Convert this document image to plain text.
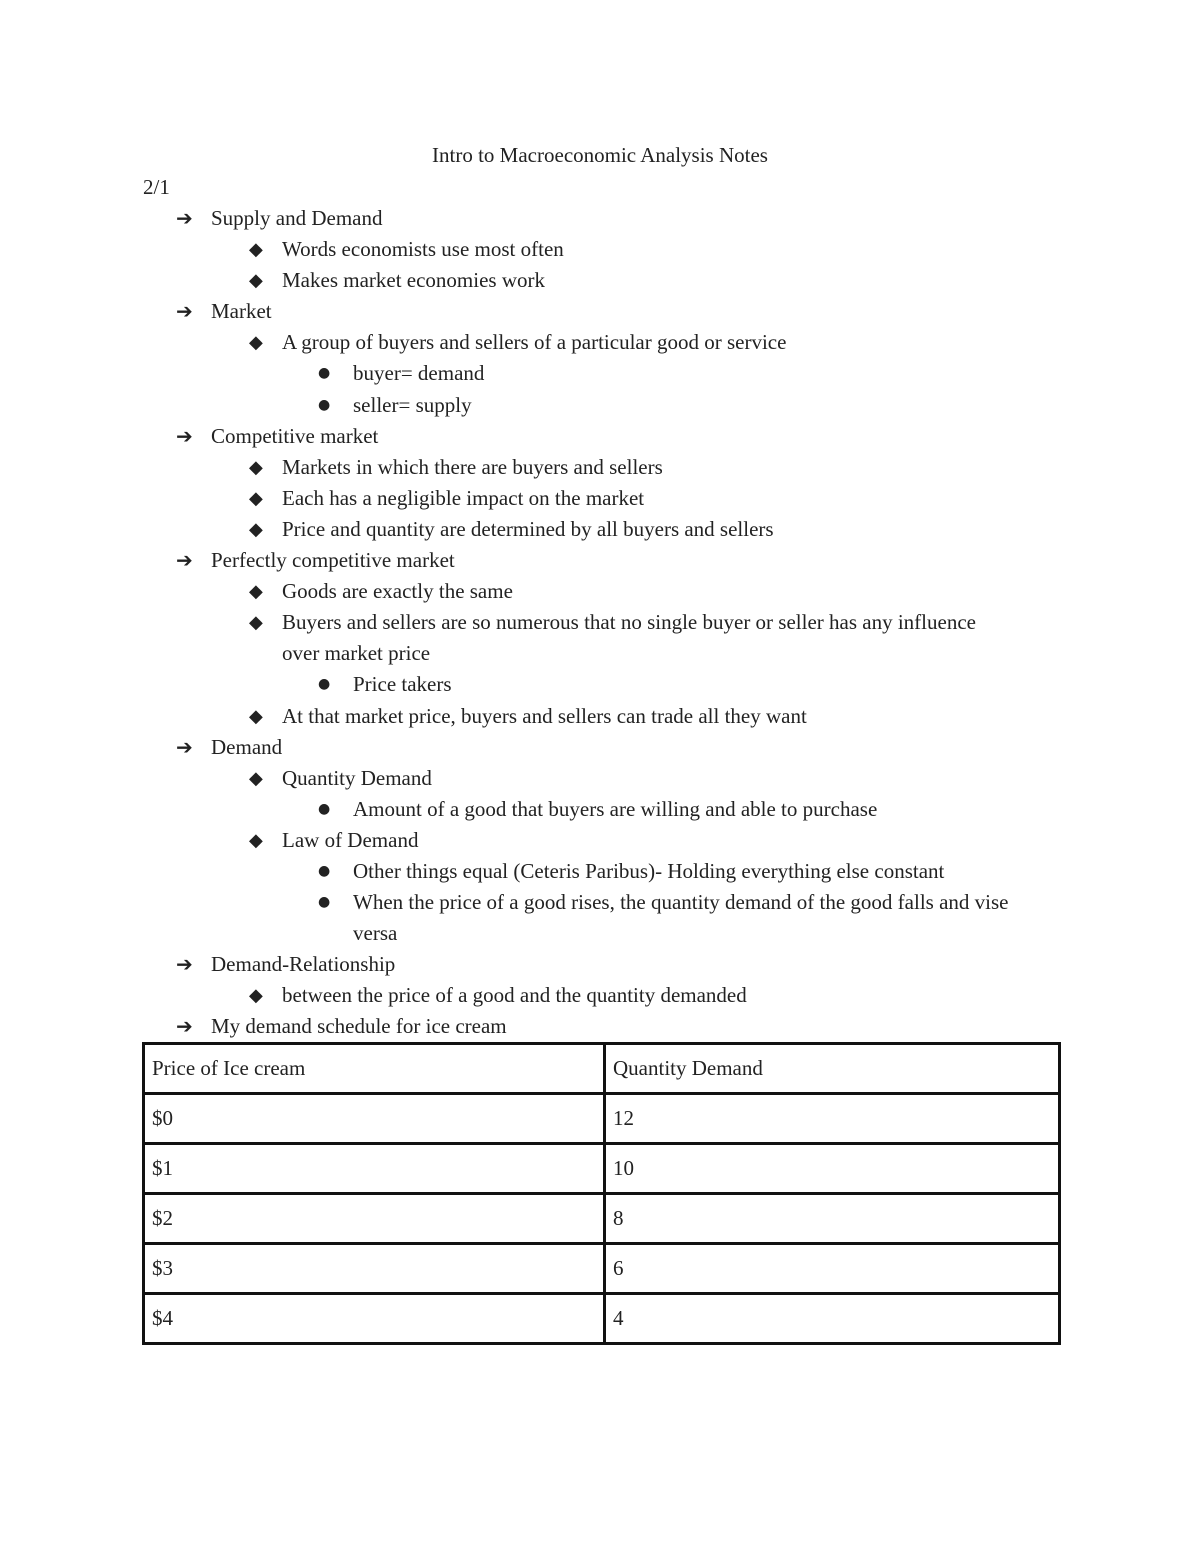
Intro to Macroeconomic Analysis Notes
2/1
➔ Supply and Demand
◆ Words economists use most often
◆ Makes market economies work
➔ Market
◆ A group of buyers and sellers of a particular good or service
● buyer= demand
● seller= supply
➔ Competitive market
◆ Markets in which there are buyers and sellers
◆ Each has a negligible impact on the market
◆ Price and quantity are determined by all buyers and sellers
➔ Perfectly competitive market
◆ Goods are exactly the same
◆ Buyers and sellers are so numerous that no single buyer or seller has any influence over market price
● Price takers
◆ At that market price, buyers and sellers can trade all they want
➔ Demand
◆ Quantity Demand
● Amount of a good that buyers are willing and able to purchase
◆ Law of Demand
● Other things equal (Ceteris Paribus)- Holding everything else constant
● When the price of a good rises, the quantity demand of the good falls and vise versa
➔ Demand-Relationship
◆ between the price of a good and the quantity demanded
➔ My demand schedule for ice cream
Price of Ice cream	Quantity Demand
$0	12
$1	10
$2	8
$3	6
$4	4
